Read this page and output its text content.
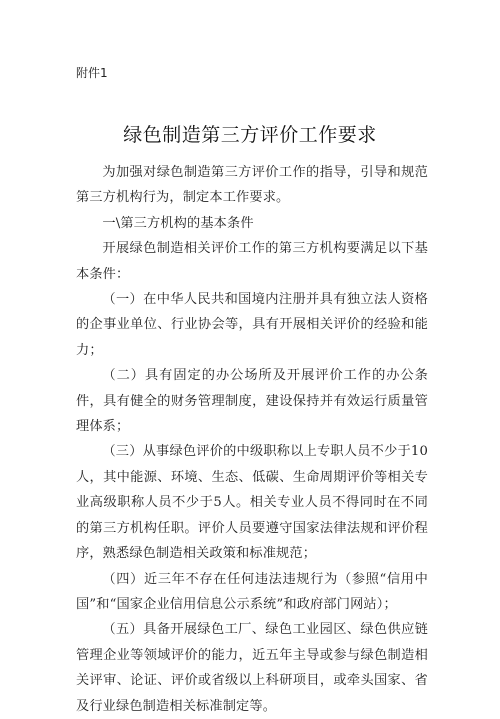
附件1
绿色制造第三方评价工作要求

为加强对绿色制造第三方评价工作的指导，引导和规范第三方机构行为，制定本工作要求。

一\第三方机构的基本条件

开展绿色制造相关评价工作的第三方机构要满足以下基本条件：

（一）在中华人民共和国境内注册并具有独立法人资格的企事业单位、行业协会等，具有开展相关评价的经验和能力；

（二）具有固定的办公场所及开展评价工作的办公条件，具有健全的财务管理制度，建设保持并有效运行质量管理体系；

（三）从事绿色评价的中级职称以上专职人员不少于10人，其中能源、环境、生态、低碳、生命周期评价等相关专业高级职称人员不少于5人。相关专业人员不得同时在不同的第三方机构任职。评价人员要遵守国家法律法规和评价程序，熟悉绿色制造相关政策和标准规范；

（四）近三年不存在任何违法违规行为（参照“信用中国”和“国家企业信用信息公示系统”和政府部门网站）；

（五）具备开展绿色工厂、绿色工业园区、绿色供应链管理企业等领域评价的能力，近五年主导或参与绿色制造相关评审、论证、评价或省级以上科研项目，或牵头国家、省及行业绿色制造相关标准制定等。
